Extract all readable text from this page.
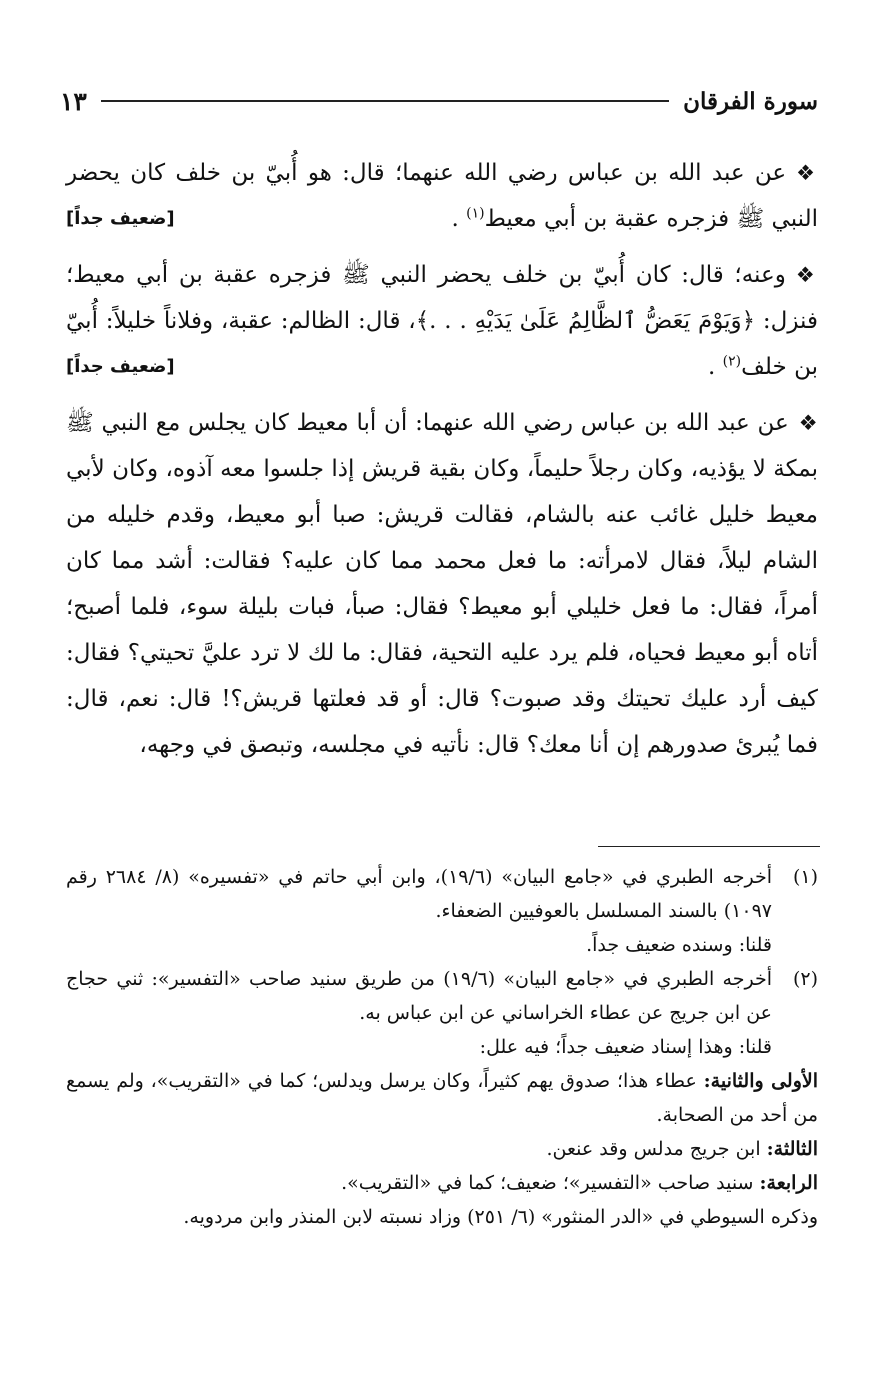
سورة الفرقان
١٣

❖عن عبد الله بن عباس رضي الله عنهما؛ قال: هو أُبيّ بن خلف كان يحضر النبي ﷺ فزجره عقبة بن أبي معيط$^{(١)}$ .
[ضعيف جداً]

❖وعنه؛ قال: كان أُبيّ بن خلف يحضر النبي ﷺ فزجره عقبة بن أبي معيط؛ فنزل: ﴿وَيَوْمَ يَعَضُّ ٱلظَّالِمُ عَلَىٰ يَدَيْهِ . . .﴾، قال: الظالم: عقبة، وفلاناً خليلاً: أُبيّ بن خلف$^{(٢)}$ .
[ضعيف جداً]

❖عن عبد الله بن عباس رضي الله عنهما: أن أبا معيط كان يجلس مع النبي ﷺ بمكة لا يؤذيه، وكان رجلاً حليماً، وكان بقية قريش إذا جلسوا معه آذوه، وكان لأبي معيط خليل غائب عنه بالشام، فقالت قريش: صبا أبو معيط، وقدم خليله من الشام ليلاً، فقال لامرأته: ما فعل محمد مما كان عليه؟ فقالت: أشد مما كان أمراً، فقال: ما فعل خليلي أبو معيط؟ فقال: صبأ، فبات بليلة سوء، فلما أصبح؛ أتاه أبو معيط فحياه، فلم يرد عليه التحية، فقال: ما لك لا ترد عليَّ تحيتي؟ فقال: كيف أرد عليك تحيتك وقد صبوت؟ قال: أو قد فعلتها قريش؟! قال: نعم، قال: فما يُبرئ صدورهم إن أنا معك؟ قال: نأتيه في مجلسه، وتبصق في وجهه،

(١)
أخرجه الطبري في «جامع البيان» (١٩/٦)، وابن أبي حاتم في «تفسيره» (٨/ ٢٦٨٤ رقم ١٠٩٧) بالسند المسلسل بالعوفيين الضعفاء.
قلنا: وسنده ضعيف جداً.
(٢)
أخرجه الطبري في «جامع البيان» (١٩/٦) من طريق سنيد صاحب «التفسير»: ثني حجاج عن ابن جريج عن عطاء الخراساني عن ابن عباس به.
قلنا: وهذا إسناد ضعيف جداً؛ فيه علل:
الأولى والثانية: عطاء هذا؛ صدوق يهم كثيراً، وكان يرسل ويدلس؛ كما في «التقريب»، ولم يسمع من أحد من الصحابة.
الثالثة: ابن جريج مدلس وقد عنعن.
الرابعة: سنيد صاحب «التفسير»؛ ضعيف؛ كما في «التقريب».
وذكره السيوطي في «الدر المنثور» (٦/ ٢٥١) وزاد نسبته لابن المنذر وابن مردويه.
